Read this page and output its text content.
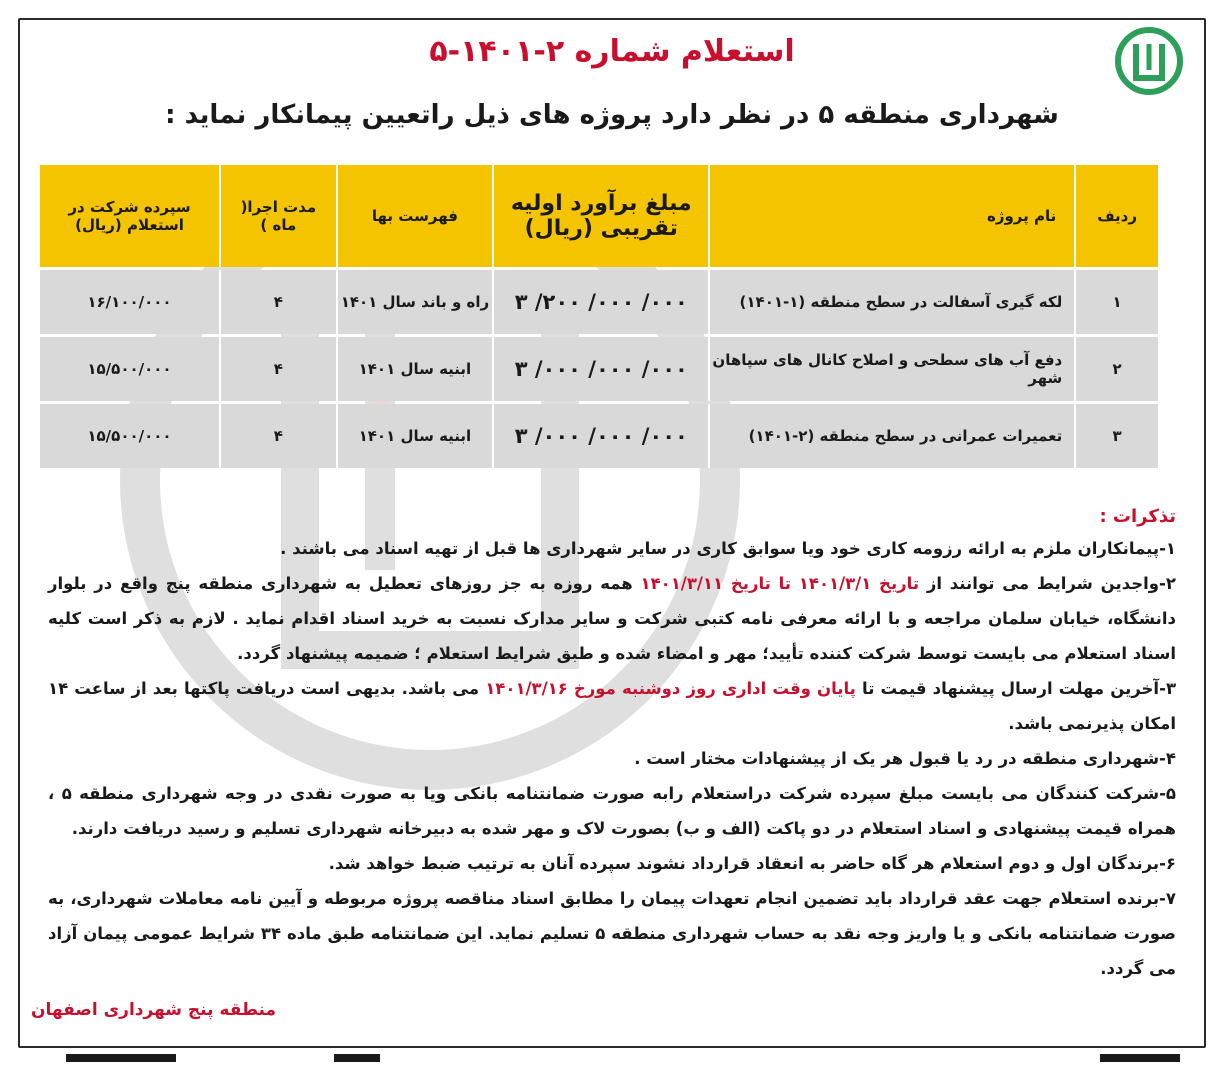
استعلام شماره ۲-۱۴۰۱-۵
شهرداری منطقه ۵ در نظر دارد پروژه های ذیل راتعیین پیمانکار نماید :
ردیف	نام پروژه	مبلغ برآورد اولیه تقریبی (ریال)	فهرست بها	مدت اجرا( ماه )	سپرده شرکت در استعلام (ریال)
۱	لکه گیری آسفالت در سطح منطقه (۱-۱۴۰۱)	۰۰۰/ ۰۰۰/ ۲۰۰/ ۳	راه و باند سال ۱۴۰۱	۴	۱۶/۱۰۰/۰۰۰
۲	دفع آب های سطحی و اصلاح کانال های سپاهان شهر	۰۰۰/ ۰۰۰/ ۰۰۰/ ۳	ابنیه سال ۱۴۰۱	۴	۱۵/۵۰۰/۰۰۰
۳	تعمیرات عمرانی در سطح منطقه (۲-۱۴۰۱)	۰۰۰/ ۰۰۰/ ۰۰۰/ ۳	ابنیه سال ۱۴۰۱	۴	۱۵/۵۰۰/۰۰۰
تذکرات :

۱-پیمانکاران ملزم به ارائه رزومه کاری خود ویا سوابق کاری در سایر شهرداری ها قبل از تهیه اسناد می باشند .

۲-واجدین شرایط می توانند از تاریخ ۱۴۰۱/۳/۱ تا تاریخ ۱۴۰۱/۳/۱۱ همه روزه به جز روزهای تعطیل به شهرداری منطقه پنج واقع در بلوار دانشگاه، خیابان سلمان مراجعه و با ارائه معرفی نامه کتبی شرکت و سایر مدارک نسبت به خرید اسناد اقدام نماید . لازم به ذکر است کلیه اسناد استعلام می بایست توسط شرکت کننده تأیید؛ مهر و امضاء شده و طبق شرایط استعلام ؛ ضمیمه پیشنهاد گردد.

۳-آخرین مهلت ارسال پیشنهاد قیمت تا پایان وقت اداری روز دوشنبه مورخ ۱۴۰۱/۳/۱۶ می باشد. بدیهی است دریافت پاکتها بعد از ساعت ۱۴ امکان پذیرنمی باشد.

۴-شهرداری منطقه در رد یا قبول هر یک از پیشنهادات مختار است .

۵-شرکت کنندگان می بایست مبلغ سپرده شرکت دراستعلام رابه صورت ضمانتنامه بانکی ویا به صورت نقدی در وجه شهرداری منطقه ۵ ، همراه قیمت پیشنهادی و اسناد استعلام در دو پاکت (الف و ب) بصورت لاک و مهر شده به دبیرخانه شهرداری تسلیم و رسید دریافت دارند.

۶-برندگان اول و دوم استعلام هر گاه حاضر به انعقاد قرارداد نشوند سپرده آنان به ترتیب ضبط خواهد شد.

۷-برنده استعلام جهت عقد قرارداد باید تضمین انجام تعهدات پیمان را مطابق اسناد مناقصه پروژه مربوطه و آیین نامه معاملات شهرداری، به صورت ضمانتنامه بانکی و یا واریز وجه نقد به حساب شهرداری منطقه ۵ تسلیم نماید. این ضمانتنامه طبق ماده ۳۴ شرایط عمومی پیمان آزاد می گردد.

منطقه پنج شهرداری اصفهان
